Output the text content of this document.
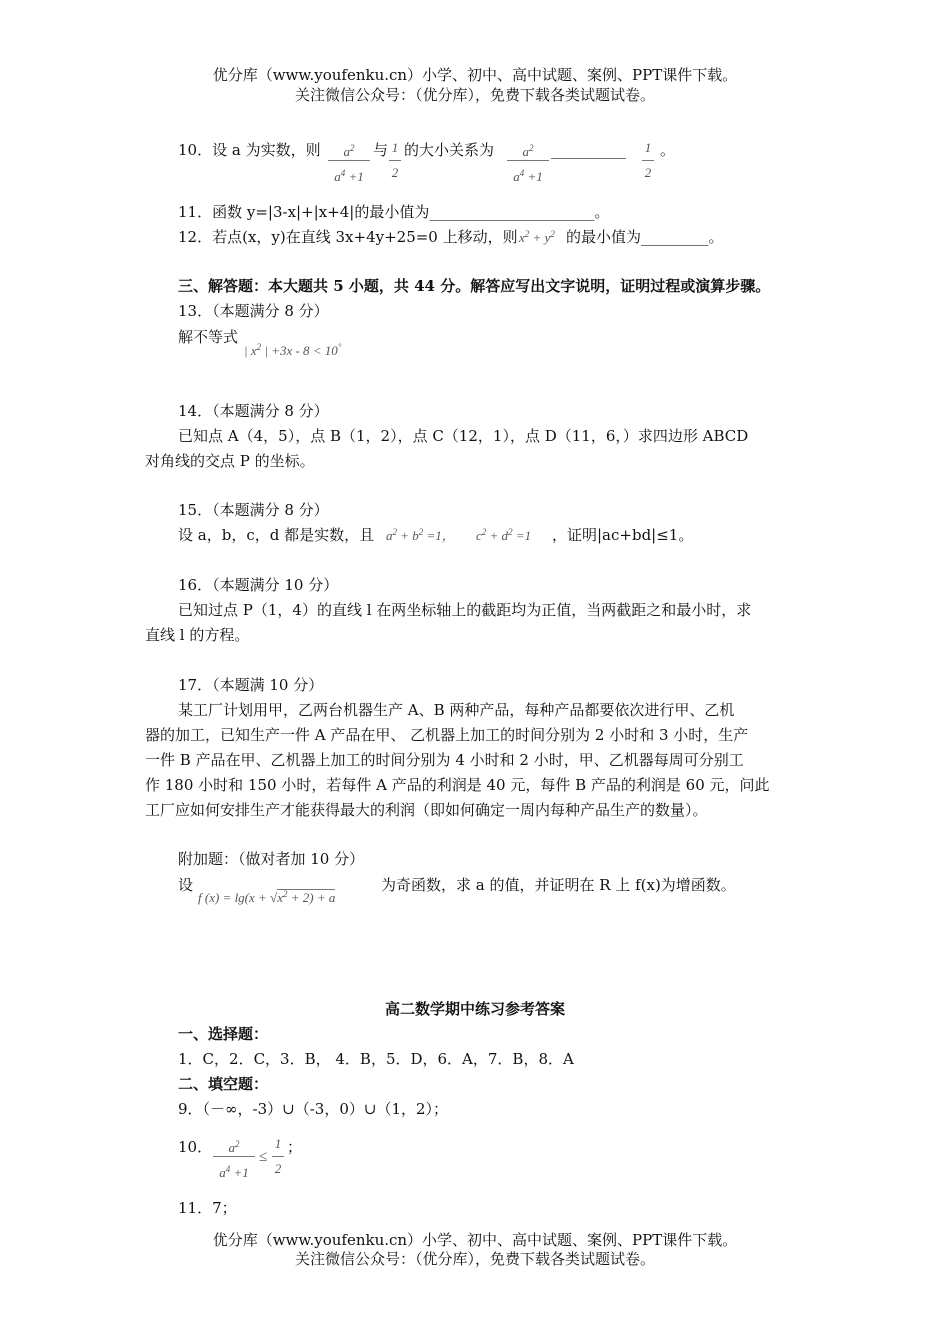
优分库（www.youfenku.cn）小学、初中、高中试题、案例、PPT课件下载。
关注微信公众号：（优分库），免费下载各类试题试卷。
10．设 a 为实数，则	$a^2$
$a^4 +1$
与 1
2
的大小关系为	$a^2$
$a^4 +1$
__________ 1
2
。
11．函数 y=|3-x|+|x+4|的最小值为______________________。
12．若点(x，y)在直线 3x+4y+25=0 上移动，则 $x^2 + y^2$ 的最小值为_________。
三、解答题：本大题共 5 小题，共 44 分。解答应写出文字说明，证明过程或演算步骤。
13．（本题满分 8 分）
解不等式
| $x^2$ | +3x - 8 < 10°
14．（本题满分 8 分）
已知点 A（4，5），点 B（1，2），点 C（12，1），点 D（11，6，）求四边形 ABCD
对角线的交点 P 的坐标。
15．（本题满分 8 分）
设 a，b，c，d 都是实数，且 $a^2 + b^2 =1$， $c^2 + d^2 =1$ ，证明|ac+bd|≤1。
16．（本题满分 10 分）
已知过点 P（1，4）的直线 l 在两坐标轴上的截距均为正值，当两截距之和最小时，求
直线 l 的方程。
17．（本题满 10 分）
某工厂计划用甲，乙两台机器生产 A、B 两种产品，每种产品都要依次进行甲、乙机
器的加工，已知生产一件 A 产品在甲、 乙机器上加工的时间分别为 2 小时和 3 小时，生产
一件 B 产品在甲、乙机器上加工的时间分别为 4 小时和 2 小时，甲、乙机器每周可分别工
作 180 小时和 150 小时，若每件 A 产品的利润是 40 元，每件 B 产品的利润是 60 元，问此
工厂应如何安排生产才能获得最大的利润（即如何确定一周内每种产品生产的数量）。
附加题：（做对者加 10 分）
设
f $(x) = \lg(x + √x^2 + 2) + a$
为奇函数，求 a 的值，并证明在 R 上 f(x)为增函数。
高二数学期中练习参考答案
一、选择题：
1．C，2．C，3．B， 4．B，5．D，6．A，7．B，8．A
二、填空题：
9．（－∞，-3）∪（-3，0）∪（1，2）；
10．	$a^2$
$a^4 +1$
≤
1
2
；
11．7；
优分库（www.youfenku.cn）小学、初中、高中试题、案例、PPT课件下载。
关注微信公众号：（优分库），免费下载各类试题试卷。
